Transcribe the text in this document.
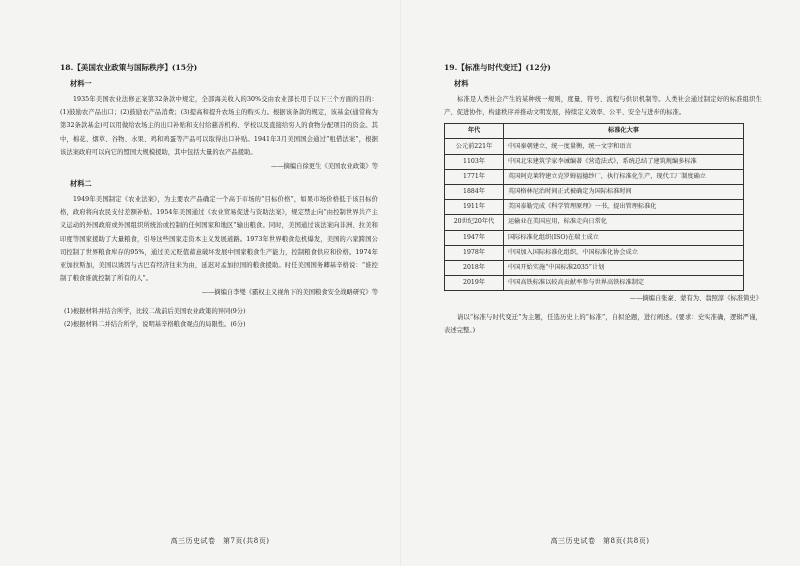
18.【美国农业政策与国际秩序】(15分)

材料一

1935年美国农业法修正案第32条款中规定，全部海关收入的30%交由农业部长用于以下三个方面的目的：(1)鼓励农产品出口；(2)鼓励农产品消费；(3)提高和提升农场主的购买力。根据该条款的规定，该基金(通常称为第32条款基金)可以用做给农场主的出口补贴和支付给慈善机构、学校以及直接给穷人的食物分配项目的资金。其中，棉花、烟草、谷物、水果、鸡和鸡蛋等产品可以取得出口补贴。1941年3月美国国会通过“租借法案”，根据该法案政府可以向它的盟国大规模援助，其中包括大量的农产品援助。

——摘编自徐更生《美国农业政策》等

材料二

1949年美国制定《农业法案》，为主要农产品确定一个高于市场的“目标价格”，如果市场价格低于该目标价格，政府将向农民支付差额补贴。1954年美国通过《农业贸易促进与资助法案》，规定禁止向“由控制世界共产主义运动的外国政府或外国组织所统治或控制的任何国家和地区”输出粮食。同时，美国通过该法案向非洲、拉美和印度等国家援助了大量粮食，引导这些国家走资本主义发展道路。1973年世界粮食危机爆发，美国的六家跨国公司控制了世界粮食库存的95%，通过美元贬值蓄意破坏发展中国家粮食生产能力，控制粮食供应和价格。1974年亚加拉斯加，美国以诱因与古巴有经济往来为由，延迟对孟加拉国的粮食援助。时任美国国务卿基辛格说：“谁控制了粮食谁就控制了所有的人”。

——摘编自李燮《霸权主义视角下的美国粮食安全战略研究》等

(1)根据材料并结合所学，比较二战前后美国农业政策的异同(9分)

(2)根据材料二并结合所学，说明基辛格粮食观点的局限性。(6分)

高三历史试卷　第7页(共8页)

19.【标准与时代变迁】(12分)

材料

标准是人类社会产生的某种统一规则，度量、符号、流程与供识机制等。人类社会通过制定好的标准组织生产、促进协作，构建秩序并推动文明发展，持续定义效率、公平、安全与进步的标准。

年代	标准化大事
公元前221年	中国秦朝建立，统一度量衡，统一文字和语言
1103年	中国北宋建筑学家李诫编著《营造法式》，系统总结了建筑规编多标准
1771年	英国阿克莱特建立克罗姆福德纱厂，执行标准化生产，现代工厂制度确立
1884年	英国格林尼治时间正式被确定为国际标准时间
1911年	美国泰勒完成《科学管理原理》一书，提出管理标准化
20世纪20年代	运输业在美国应用，标准走向日常化
1947年	国际标准化组织(ISO)在瑞士成立
1978年	中国加入国际标准化组织，中国标准化协会成立
2018年	中国开始实施“中国标准2035”计划
2019年	中国高铁标准以较高贡献率参与世界高铁标准制定

——摘编自张豪、蒙有为、翁照淳《标准简史》

请以“标准与时代变迁”为主题，任选历史上的“标准”，自拟论题，进行阐述。(要求：史实准确，逻辑严谨，表述完整。)

高三历史试卷　第8页(共8页)
